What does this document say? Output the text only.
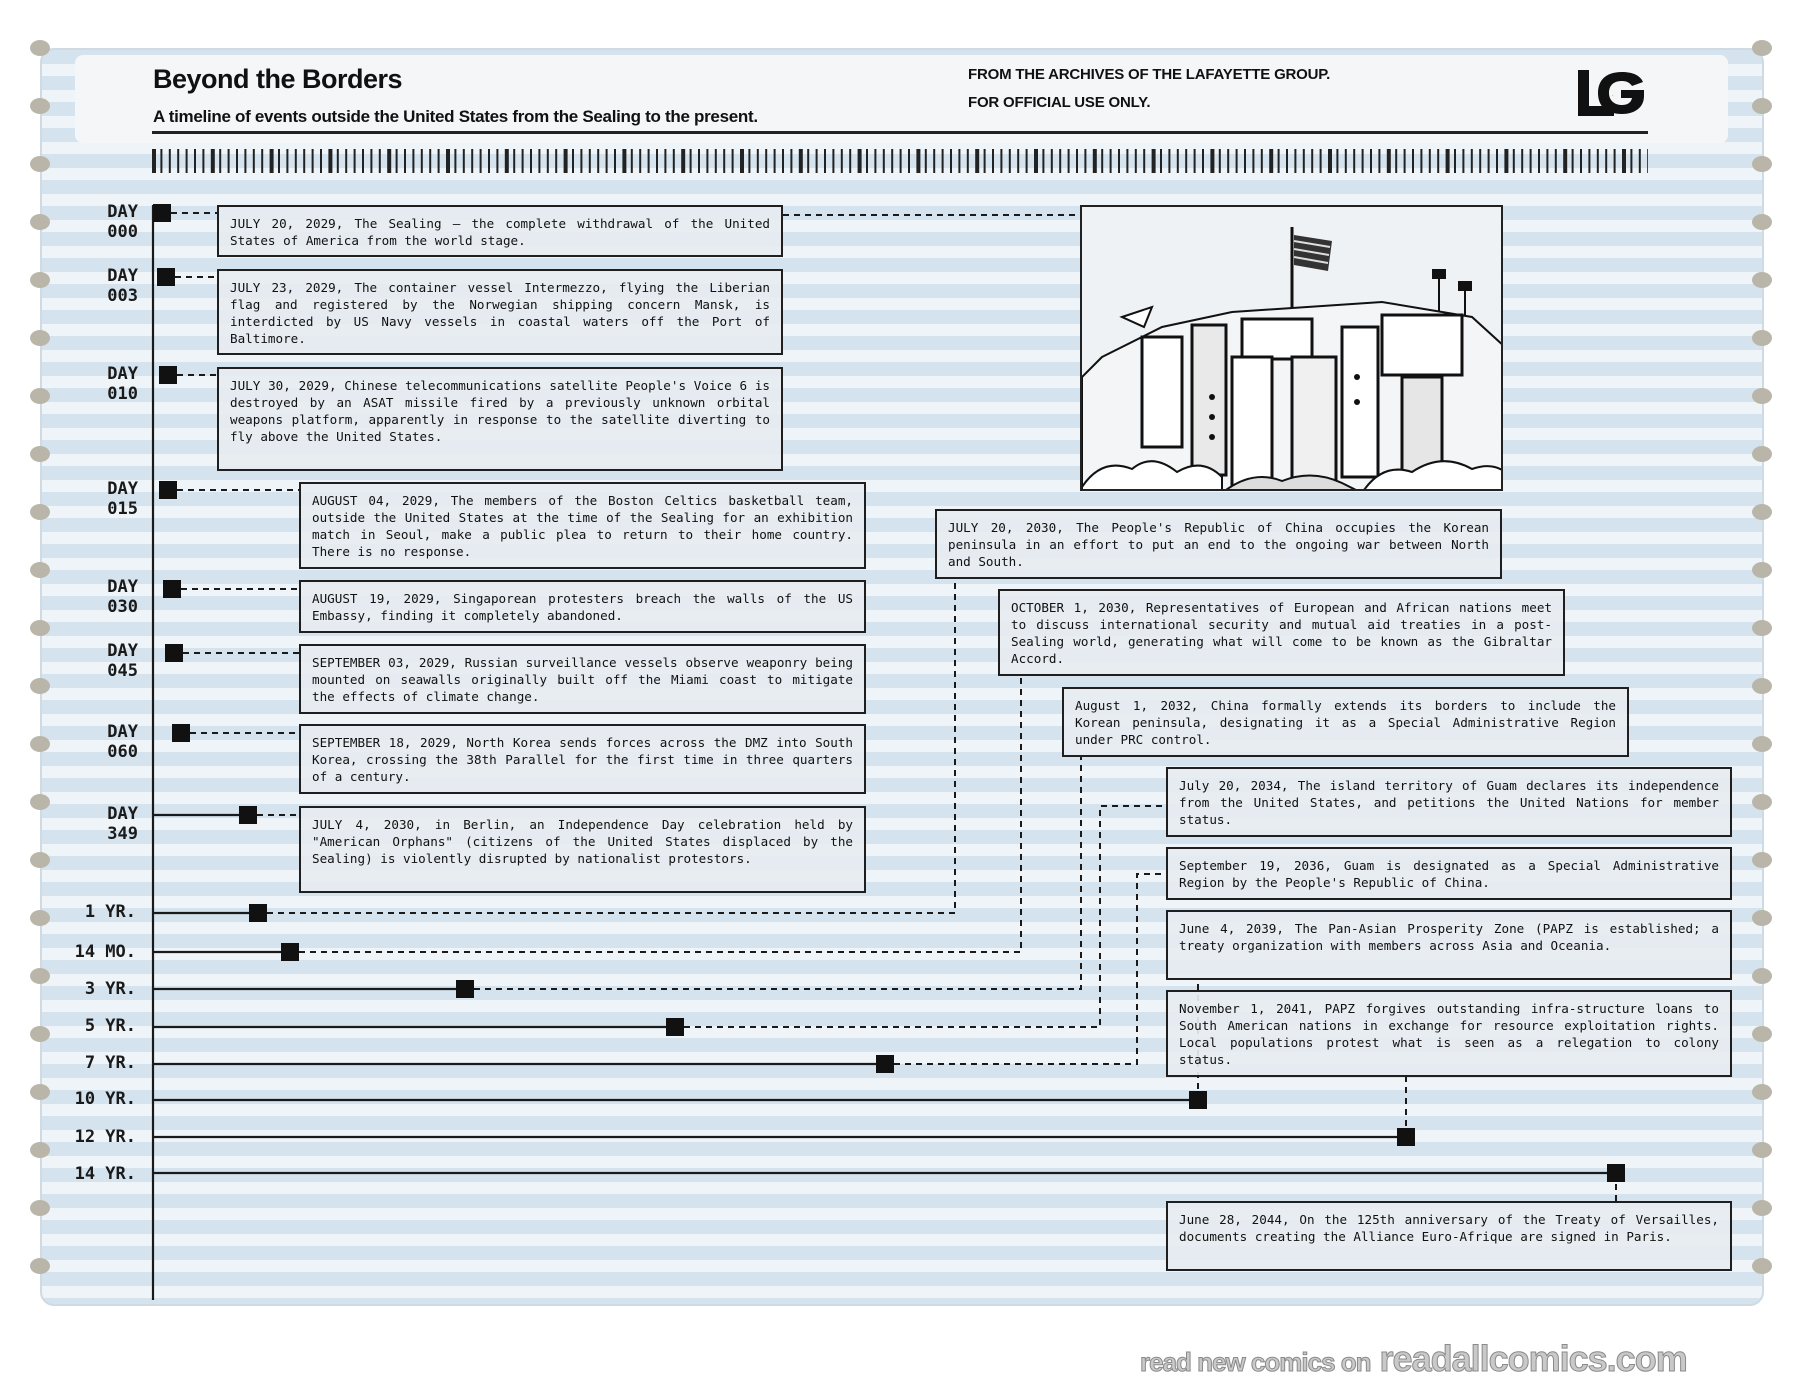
Beyond the Borders
A timeline of events outside the United States from the Sealing to the present.
FROM THE ARCHIVES OF THE LAFAYETTE GROUP.
FOR OFFICIAL USE ONLY.	LG
DAY
000
DAY
003
DAY
010
DAY
015
DAY
030
DAY
045
DAY
060
DAY
349
1 YR.
14 MO.
3 YR.
5 YR.
7 YR.
10 YR.
12 YR.
14 YR.
JULY 20, 2029, The Sealing – the complete withdrawal of the United States of America from the world stage.
JULY 23, 2029, The container vessel Intermezzo, flying the Liberian flag and registered by the Norwegian shipping concern Mansk, is interdicted by US Navy vessels in coastal waters off the Port of Baltimore.
JULY 30, 2029, Chinese telecommunications satellite People's Voice 6 is destroyed by an ASAT missile fired by a previously unknown orbital weapons platform, apparently in response to the satellite diverting to fly above the United States.
AUGUST 04, 2029, The members of the Boston Celtics basketball team, outside the United States at the time of the Sealing for an exhibition match in Seoul, make a public plea to return to their home country. There is no response.
AUGUST 19, 2029, Singaporean protesters breach the walls of the US Embassy, finding it completely abandoned.
SEPTEMBER 03, 2029, Russian surveillance vessels observe weaponry being mounted on seawalls originally built off the Miami coast to mitigate the effects of climate change.
SEPTEMBER 18, 2029, North Korea sends forces across the DMZ into South Korea, crossing the 38th Parallel for the first time in three quarters of a century.
JULY 4, 2030, in Berlin, an Independence Day celebration held by "American Orphans" (citizens of the United States displaced by the Sealing) is violently disrupted by nationalist protestors.
JULY 20, 2030, The People's Republic of China occupies the Korean peninsula in an effort to put an end to the ongoing war between North and South.
OCTOBER 1, 2030, Representatives of European and African nations meet to discuss international security and mutual aid treaties in a post-Sealing world, generating what will come to be known as the Gibraltar Accord.
August 1, 2032, China formally extends its borders to include the Korean peninsula, designating it as a Special Administrative Region under PRC control.
July 20, 2034, The island territory of Guam declares its independence from the United States, and petitions the United Nations for member status.
September 19, 2036, Guam is designated as a Special Administrative Region by the People's Republic of China.
June 4, 2039, The Pan-Asian Prosperity Zone (PAPZ is established; a treaty organization with members across Asia and Oceania.
November 1, 2041, PAPZ forgives outstanding infra-structure loans to South American nations in exchange for resource exploitation rights. Local populations protest what is seen as a relegation to colony status.
June 28, 2044, On the 125th anniversary of the Treaty of Versailles, documents creating the Alliance Euro-Afrique are signed in Paris.
read new comics on readallcomics.com
